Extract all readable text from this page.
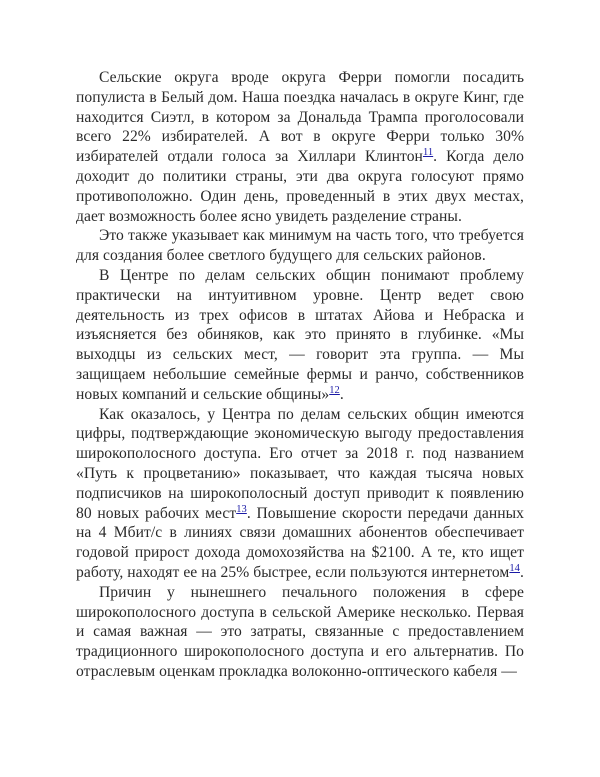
Сельские округа вроде округа Ферри помогли посадить популиста в Белый дом. Наша поездка началась в округе Кинг, где находится Сиэтл, в котором за Дональда Трампа проголосовали всего 22% избирателей. А вот в округе Ферри только 30% избирателей отдали голоса за Хиллари Клинтон$^{11}$. Когда дело доходит до политики страны, эти два округа голосуют прямо противоположно. Один день, проведенный в этих двух местах, дает возможность более ясно увидеть разделение страны.

Это также указывает как минимум на часть того, что требуется для создания более светлого будущего для сельских районов.

В Центре по делам сельских общин понимают проблему практически на интуитивном уровне. Центр ведет свою деятельность из трех офисов в штатах Айова и Небраска и изъясняется без обиняков, как это принято в глубинке. «Мы выходцы из сельских мест, — говорит эта группа. — Мы защищаем небольшие семейные фермы и ранчо, собственников новых компаний и сельские общины»$^{12}$.

Как оказалось, у Центра по делам сельских общин имеются цифры, подтверждающие экономическую выгоду предоставления широкополосного доступа. Его отчет за 2018 г. под названием «Путь к процветанию» показывает, что каждая тысяча новых подписчиков на широкополосный доступ приводит к появлению 80 новых рабочих мест$^{13}$. Повышение скорости передачи данных на 4 Мбит/с в линиях связи домашних абонентов обеспечивает годовой прирост дохода домохозяйства на $2100. А те, кто ищет работу, находят ее на 25% быстрее, если пользуются интернетом$^{14}$.

Причин у нынешнего печального положения в сфере широкополосного доступа в сельской Америке несколько. Первая и самая важная — это затраты, связанные с предоставлением традиционного широкополосного доступа и его альтернатив. По отраслевым оценкам прокладка волоконно-оптического кабеля —
